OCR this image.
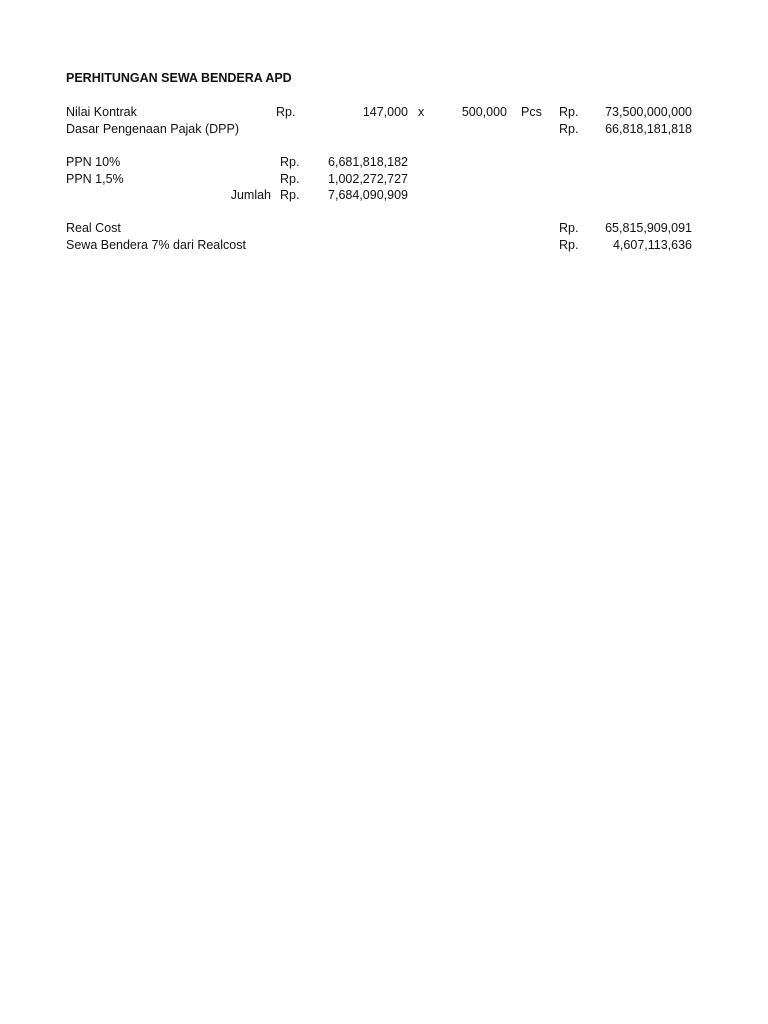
PERHITUNGAN SEWA BENDERA APD
Nilai Kontrak	Rp.	147,000 x	500,000 Pcs Rp.	73,500,000,000
Dasar Pengenaan Pajak (DPP)	Rp.	66,818,181,818
PPN 10%	Rp.	6,681,818,182
PPN 1,5%	Rp.	1,002,272,727
Jumlah Rp.	7,684,090,909
Real Cost	Rp.	65,815,909,091
Sewa Bendera 7% dari Realcost	Rp.	4,607,113,636
